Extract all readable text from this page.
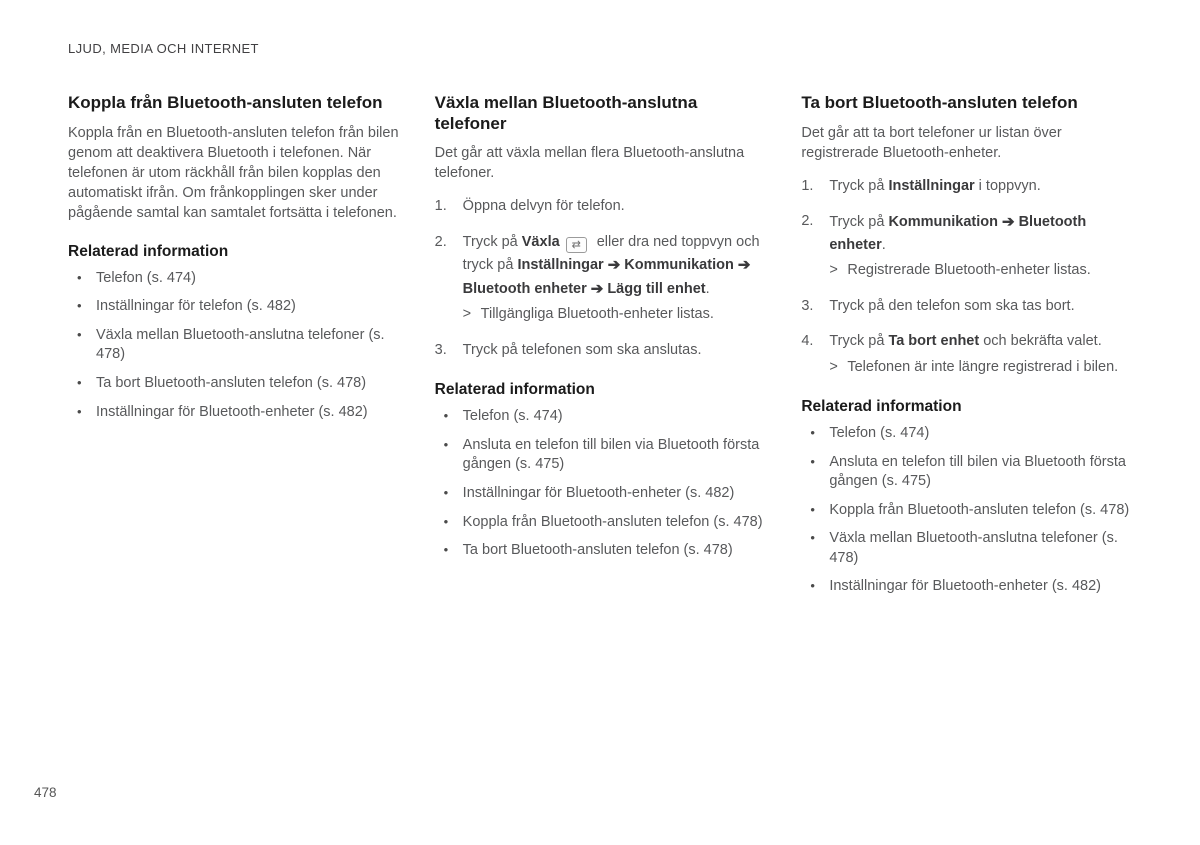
LJUD, MEDIA OCH INTERNET
Koppla från Bluetooth-ansluten telefon

Koppla från en Bluetooth-ansluten telefon från bilen genom att deaktivera Bluetooth i telefonen. När telefonen är utom räckhåll från bilen kopplas den automatiskt ifrån. Om frånkopplingen sker under pågående samtal kan samtalet fortsätta i telefonen.

Relaterad information
• Telefon (s. 474)
• Inställningar för telefon (s. 482)
• Växla mellan Bluetooth-anslutna telefoner (s. 478)
• Ta bort Bluetooth-ansluten telefon (s. 478)
• Inställningar för Bluetooth-enheter (s. 482)
Växla mellan Bluetooth-anslutna telefoner

Det går att växla mellan flera Bluetooth-anslutna telefoner.

1.	Öppna delvyn för telefon.
2.	Tryck på Växla ⇄ eller dra ned toppvyn och tryck på Inställningar ➔ Kommunikation ➔Bluetooth enheter ➔ Lägg till enhet.
> Tillgängliga Bluetooth-enheter listas.
3.	Tryck på telefonen som ska anslutas.
Relaterad information
• Telefon (s. 474)
• Ansluta en telefon till bilen via Bluetooth första gången (s. 475)
• Inställningar för Bluetooth-enheter (s. 482)
• Koppla från Bluetooth-ansluten telefon (s. 478)
• Ta bort Bluetooth-ansluten telefon (s. 478)
Ta bort Bluetooth-ansluten telefon

Det går att ta bort telefoner ur listan över registrerade Bluetooth-enheter.

1.	Tryck på Inställningar i toppvyn.
2.	Tryck på Kommunikation ➔ Bluetooth enheter.
> Registrerade Bluetooth-enheter listas.
3.	Tryck på den telefon som ska tas bort.
4.	Tryck på Ta bort enhet och bekräfta valet.
> Telefonen är inte längre registrerad i bilen.
Relaterad information
• Telefon (s. 474)
• Ansluta en telefon till bilen via Bluetooth första gången (s. 475)
• Koppla från Bluetooth-ansluten telefon (s. 478)
• Växla mellan Bluetooth-anslutna telefoner (s. 478)
• Inställningar för Bluetooth-enheter (s. 482)
478
